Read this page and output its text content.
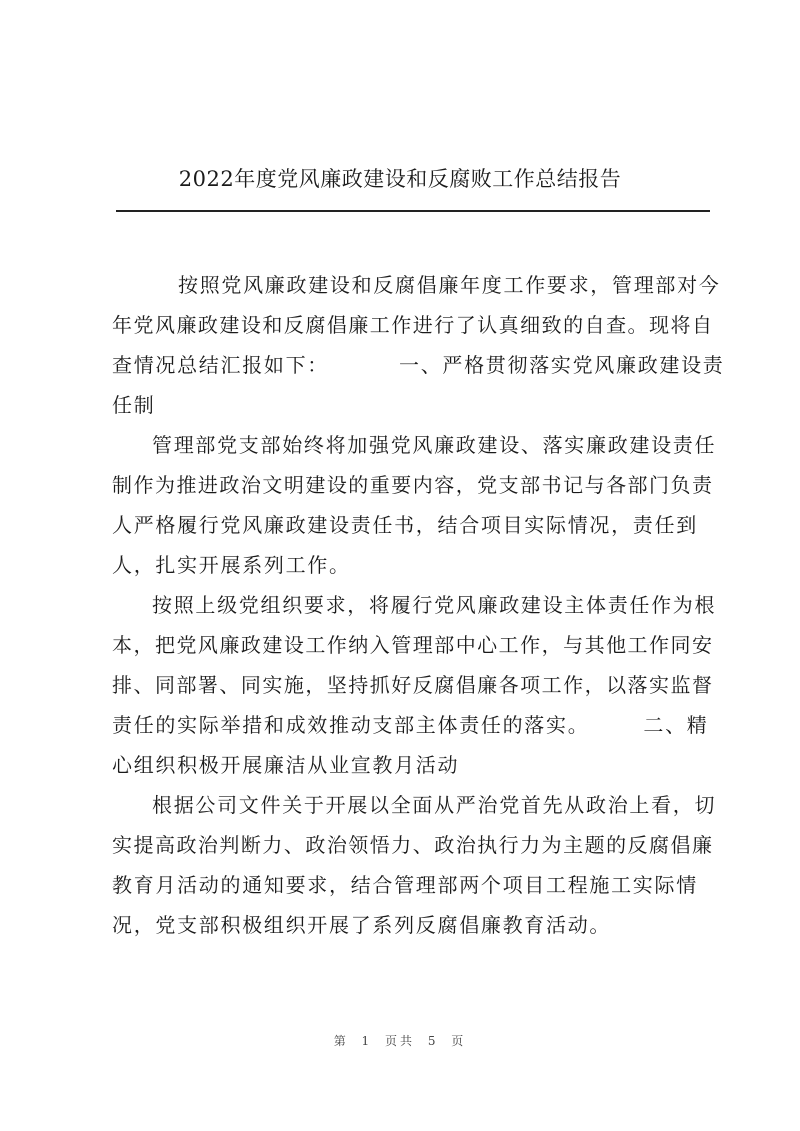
2022年度党风廉政建设和反腐败工作总结报告
按照党风廉政建设和反腐倡廉年度工作要求，管理部对今
年党风廉政建设和反腐倡廉工作进行了认真细致的自查。现将自
查情况总结汇报如下：	一、严格贯彻落实党风廉政建设责
任制
管理部党支部始终将加强党风廉政建设、落实廉政建设责任
制作为推进政治文明建设的重要内容，党支部书记与各部门负责
人严格履行党风廉政建设责任书，结合项目实际情况，责任到
人，扎实开展系列工作。
按照上级党组织要求，将履行党风廉政建设主体责任作为根
本，把党风廉政建设工作纳入管理部中心工作，与其他工作同安
排、同部署、同实施，坚持抓好反腐倡廉各项工作，以落实监督
责任的实际举措和成效推动支部主体责任的落实。	二、精
心组织积极开展廉洁从业宣教月活动
根据公司文件关于开展以全面从严治党首先从政治上看，切
实提高政治判断力、政治领悟力、政治执行力为主题的反腐倡廉
教育月活动的通知要求，结合管理部两个项目工程施工实际情
况，党支部积极组织开展了系列反腐倡廉教育活动。
第 1 页共 5 页
